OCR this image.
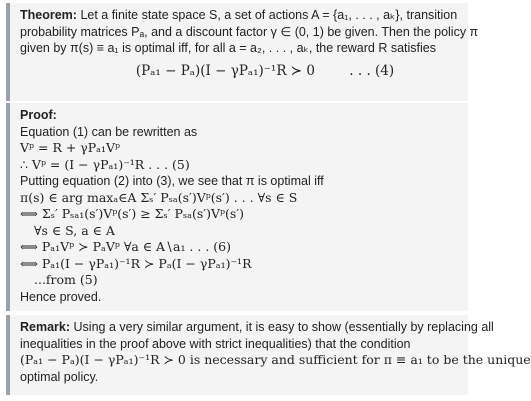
Theorem: Let a finite state space S, a set of actions A = {a₁, . . . , aₖ}, transition
probability matrices Pₐ, and a discount factor γ ∈ (0, 1) be given. Then the policy π
given by π(s) ≡ a₁ is optimal iff, for all a = a₂, . . . , aₖ, the reward R satisfies
(Pₐ₁ − Pₐ)(I − γPₐ₁)⁻¹R ≻ 0	. . . (4)
Proof:
Equation (1) can be rewritten as
Vᵖ = R + γPₐ₁Vᵖ
∴ Vᵖ = (I − γPₐ₁)⁻¹R . . . (5)
Putting equation (2) into (3), we see that π is optimal iff
π(s) ∈ arg maxₐ∈A Σₛ′ Pₛₐ(s′)Vᵖ(s′) . . . ∀s ∈ S
⟺ Σₛ′ Pₛₐ₁(s′)Vᵖ(s′) ≥ Σₛ′ Pₛₐ(s′)Vᵖ(s′)
∀s ∈ S, a ∈ A
⟺ Pₐ₁Vᵖ ≻ PₐVᵖ ∀a ∈ A∖a₁ . . . (6)
⟺ Pₐ₁(I − γPₐ₁)⁻¹R ≻ Pₐ(I − γPₐ₁)⁻¹R
...from (5)
Hence proved.
Remark: Using a very similar argument, it is easy to show (essentially by replacing all
inequalities in the proof above with strict inequalities) that the condition
(Pₐ₁ − Pₐ)(I − γPₐ₁)⁻¹R ≻ 0 is necessary and sufficient for π ≡ a₁ to be the unique
optimal policy.
